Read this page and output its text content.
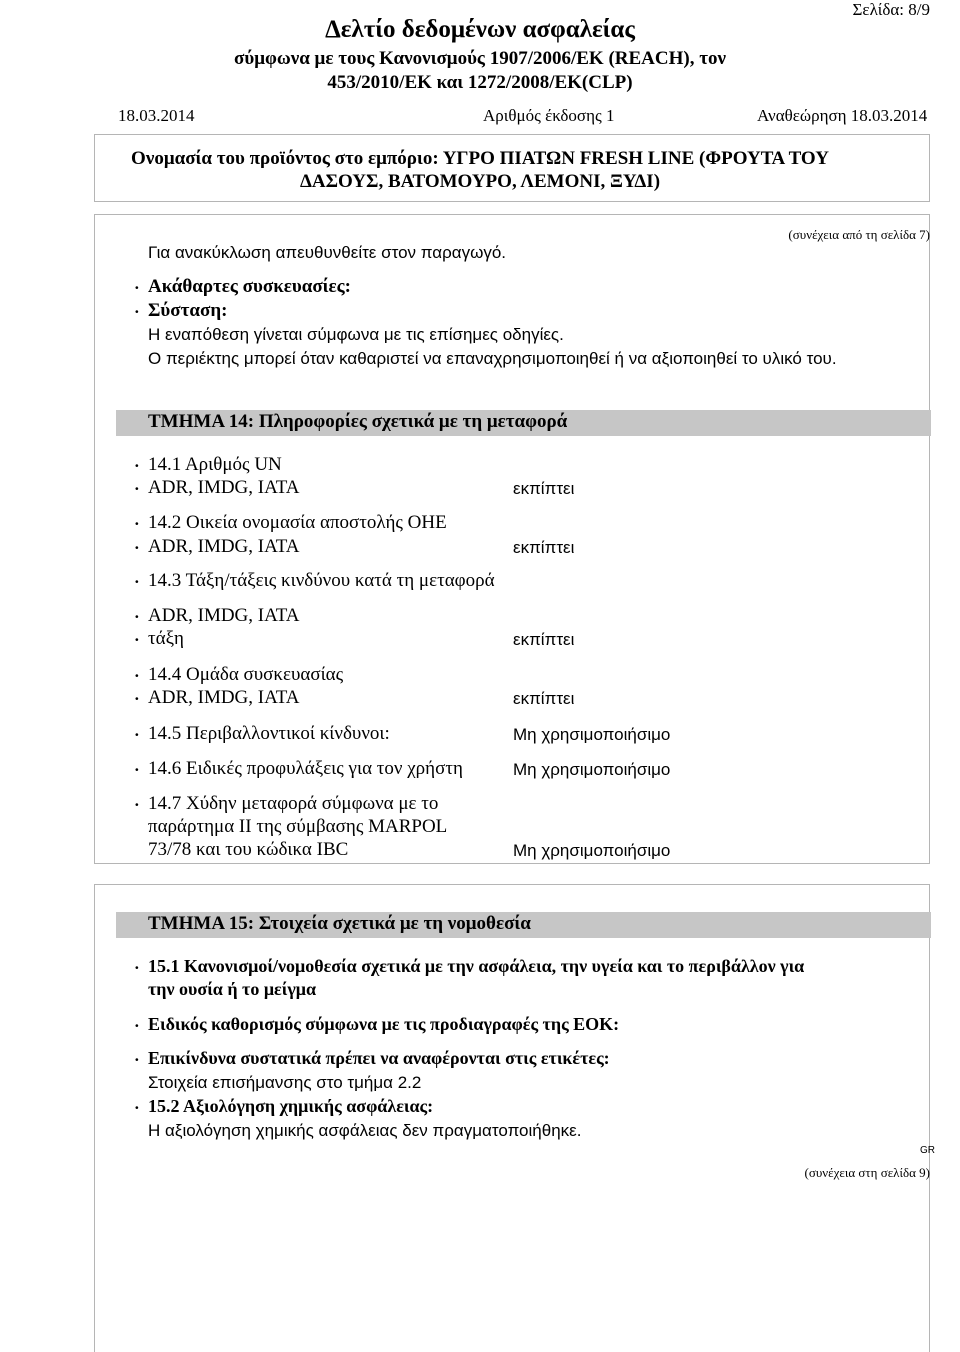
Σελίδα: 8/9
Δελτίο δεδομένων ασφαλείας
σύμφωνα με τους Κανονισμούς 1907/2006/ΕΚ (REACH), τον
453/2010/ΕΚ και 1272/2008/ΕΚ(CLP)
18.03.2014	Αριθμός έκδοσης 1	Αναθεώρηση 18.03.2014
Ονομασία του προϊόντος στο εμπόριο: ΥΓΡΟ ΠΙΑΤΩΝ FRESH LINE (ΦΡΟΥΤΑ ΤΟΥ
ΔΑΣΟΥΣ, ΒΑΤΟΜΟΥΡΟ, ΛΕΜΟΝΙ, ΞΥΔΙ)
(συνέχεια από τη σελίδα 7)
Για ανακύκλωση απευθυνθείτε στον παραγωγό.
· Ακάθαρτες συσκευασίες:
· Σύσταση:
Η εναπόθεση γίνεται σύμφωνα με τις επίσημες οδηγίες.
Ο περιέκτης μπορεί όταν καθαριστεί να επαναχρησιμοποιηθεί ή να αξιοποιηθεί το υλικό του.
ΤΜΗΜΑ 14: Πληροφορίες σχετικά με τη μεταφορά
· 14.1 Αριθμός UN
· ADR, IMDG, IATA	εκπίπτει
· 14.2 Οικεία ονομασία αποστολής ΟΗΕ
· ADR, IMDG, IATA	εκπίπτει
· 14.3 Τάξη/τάξεις κινδύνου κατά τη μεταφορά
· ADR, IMDG, IATA
· τάξη	εκπίπτει
· 14.4 Ομάδα συσκευασίας
· ADR, IMDG, IATA	εκπίπτει
· 14.5 Περιβαλλοντικοί κίνδυνοι:	Μη χρησιμοποιήσιμο
· 14.6 Ειδικές προφυλάξεις για τον χρήστη	Μη χρησιμοποιήσιμο
· 14.7 Χύδην μεταφορά σύμφωνα με το
παράρτημα II της σύμβασης MARPOL
73/78 και του κώδικα IBC	Μη χρησιμοποιήσιμο
ΤΜΗΜΑ 15: Στοιχεία σχετικά με τη νομοθεσία
· 15.1 Κανονισμοί/νομοθεσία σχετικά με την ασφάλεια, την υγεία και το περιβάλλον για
την ουσία ή το μείγμα
· Ειδικός καθορισμός σύμφωνα με τις προδιαγραφές της ΕΟΚ:
· Επικίνδυνα συστατικά πρέπει να αναφέρονται στις ετικέτες:
Στοιχεία επισήμανσης στο τμήμα 2.2
· 15.2 Αξιολόγηση χημικής ασφάλειας:
Η αξιολόγηση χημικής ασφάλειας δεν πραγματοποιήθηκε.
GR
(συνέχεια στη σελίδα 9)
